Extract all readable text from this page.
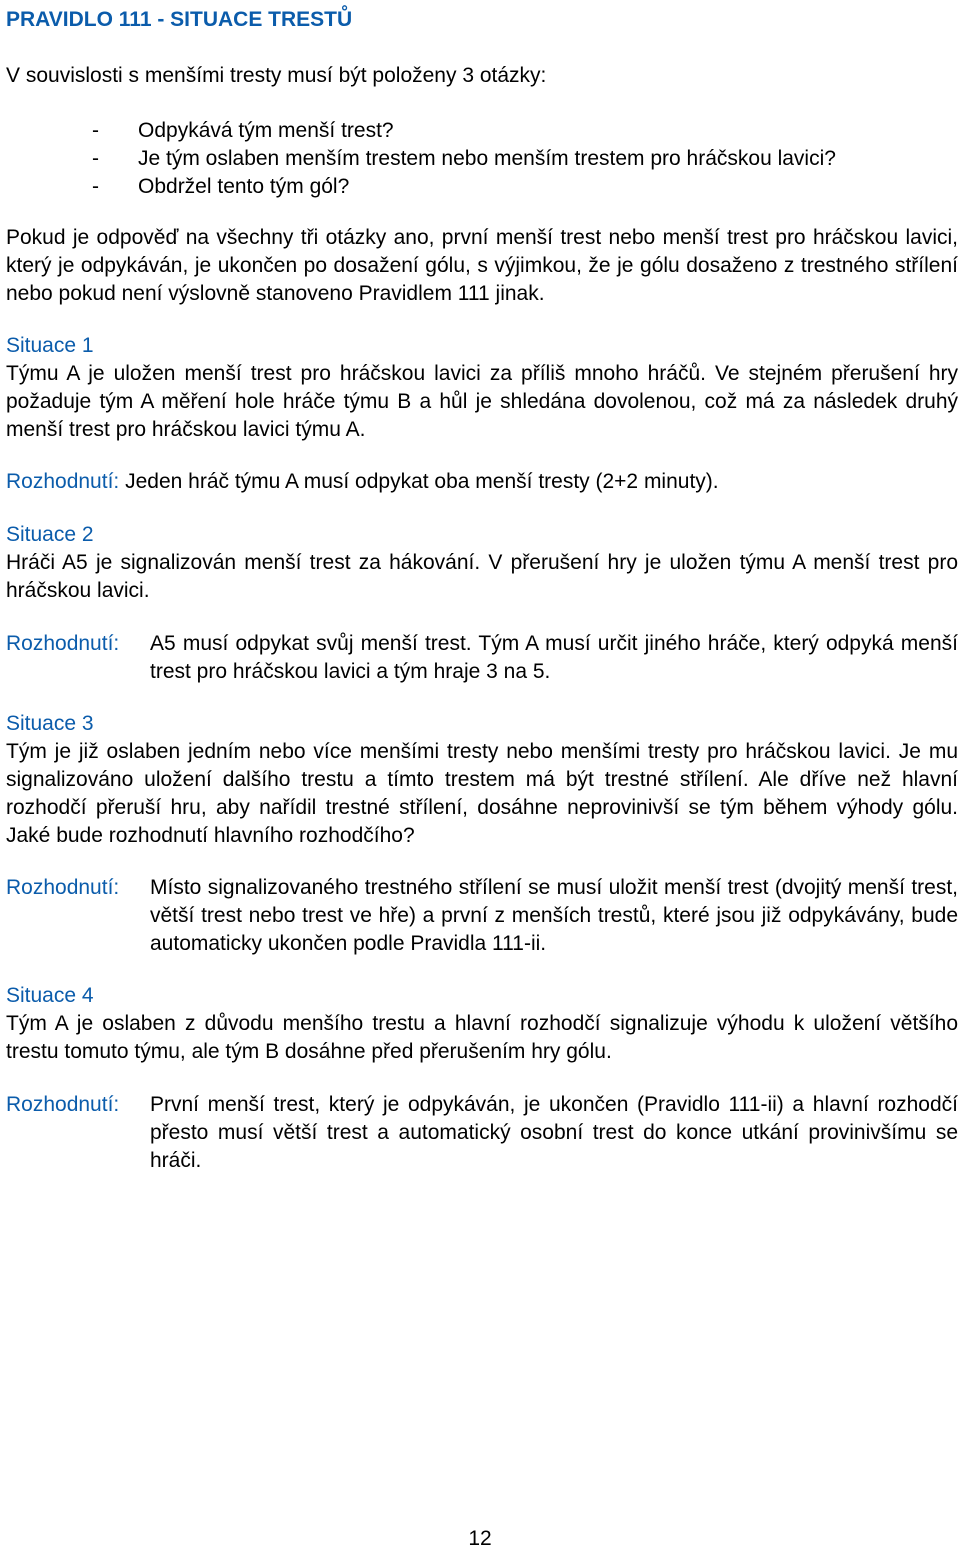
PRAVIDLO 111 - SITUACE TRESTŮ
V souvislosti s menšími tresty musí být položeny 3 otázky:
- Odpykává tým menší trest?
- Je tým oslaben menším trestem nebo menším trestem pro hráčskou lavici?
- Obdržel tento tým gól?
Pokud je odpověď na všechny tři otázky ano, první menší trest nebo menší trest pro hráčskou lavici, který je odpykáván, je ukončen po dosažení gólu, s výjimkou, že je gólu dosaženo z trestného střílení nebo pokud není výslovně stanoveno Pravidlem 111 jinak.
Situace 1
Týmu A je uložen menší trest pro hráčskou lavici za příliš mnoho hráčů. Ve stejném přerušení hry požaduje tým A měření hole hráče týmu B a hůl je shledána dovolenou, což má za následek druhý menší trest pro hráčskou lavici týmu A.
Rozhodnutí: Jeden hráč týmu A musí odpykat oba menší tresty (2+2 minuty).
Situace 2
Hráči A5 je signalizován menší trest za hákování. V přerušení hry je uložen týmu A menší trest pro hráčskou lavici.
Rozhodnutí: A5 musí odpykat svůj menší trest. Tým A musí určit jiného hráče, který odpyká menší trest pro hráčskou lavici a tým hraje 3 na 5.
Situace 3
Tým je již oslaben jedním nebo více menšími tresty nebo menšími tresty pro hráčskou lavici. Je mu signalizováno uložení dalšího trestu a tímto trestem má být trestné střílení. Ale dříve než hlavní rozhodčí přeruší hru, aby nařídil trestné střílení, dosáhne neprovinivší se tým během výhody gólu. Jaké bude rozhodnutí hlavního rozhodčího?
Rozhodnutí: Místo signalizovaného trestného střílení se musí uložit menší trest (dvojitý menší trest, větší trest nebo trest ve hře) a první z menších trestů, které jsou již odpykávány, bude automaticky ukončen podle Pravidla 111-ii.
Situace 4
Tým A je oslaben z důvodu menšího trestu a hlavní rozhodčí signalizuje výhodu k uložení většího trestu tomuto týmu, ale tým B dosáhne před přerušením hry gólu.
Rozhodnutí: První menší trest, který je odpykáván, je ukončen (Pravidlo 111-ii) a hlavní rozhodčí přesto musí větší trest a automatický osobní trest do konce utkání provinivšímu se hráči.
12
